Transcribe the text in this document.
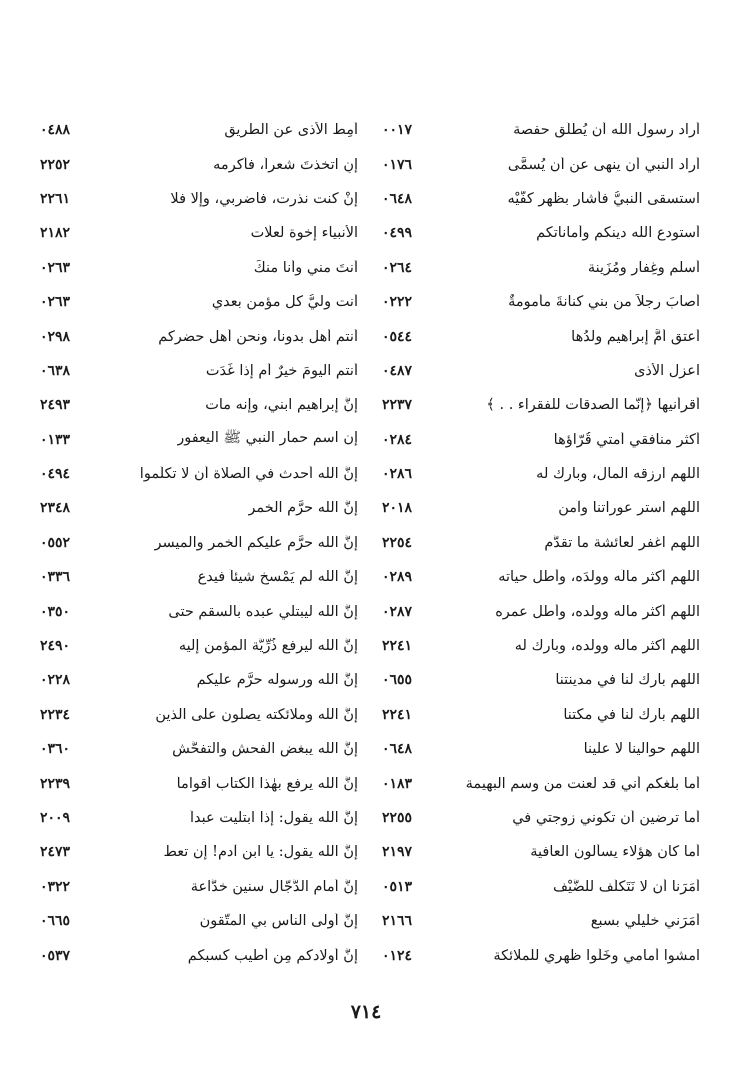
أراد رسول الله أن يُطلِّق حفصة
٠٠١٧
أراد النبي أن ينهى عن أن يُسمَّى
٠١٧٦
استسقى النبيُّ فأشار بظهر كفَّيْه
٠٦٤٨
أستودع الله دينكم وأماناتكم
٠٤٩٩
أسلم وغِفار ومُزَينة
٠٢٦٤
أصابَ رجلاً من بني كنانةَ مأمومةٌ
٠٢٢٢
أعتق أمَّ إبراهيم ولدُها
٠٥٤٤
اعزل الأذى
٠٤٨٧
أقرأنيها ﴿إنَّما الصدقات للفقراء . . ﴾
٢٢٣٧
أكثر منافقي أمتي قُرّاؤها
٠٢٨٤
اللهم ارزقه المال، وبارك له
٠٢٨٦
اللهم استر عوراتنا وآمن
٢٠١٨
اللهم اغفر لعائشة ما تقدَّم
٢٢٥٤
اللهم أكثر مالَه وولدَه، وأطل حياته
٠٢٨٩
اللهم أكثر ماله وولده، وأطل عمره
٠٢٨٧
اللهم أكثر ماله وولده، وبارك له
٢٢٤١
اللهم بارك لنا في مدينتنا
٠٦٥٥
اللهم بارك لنا في مكتنا
٢٢٤١
اللهم حوالينا لا علينا
٠٦٤٨
أما بلغكم أني قد لعنت من وسم البهيمة
٠١٨٣
أما ترضين أن تكوني زوجتي في
٢٢٥٥
أما كان هؤلاء يسألون العافية
٢١٩٧
أمَرَنا أن لا نَتَكلَّف للضَّيْف
٠٥١٣
أمَرَني خليلي بسبع
٢١٦٦
امشوا أمامي وخَلُّوا ظهري للملائكة
٠١٢٤
أمِط الأذى عن الطريق
٠٤٨٨
إنِ اتخذتَ شعراً، فأكرمه
٢٢٥٢
إنْ كنت نذرت، فاضربي، وإلا فلا
٢٢٦١
الأنبياء إخوة لعلّات
٢١٨٢
أنتَ مني وأنا منكَ
٠٢٦٣
أنت وليُّ كل مؤمن بعدي
٠٢٦٣
أنتم أهل بدونا، ونحن أهل حضركم
٠٢٩٨
أنتم اليومَ خيرٌ أم إذا غَدَت
٠٦٣٨
إنَّ إبراهيم ابني، وإنه مات
٢٤٩٣
إن اسم حمار النبي ﷺ اليعفور
٠١٣٣
إنَّ الله أحدث في الصلاة أن لا تكلَّموا
٠٤٩٤
إنَّ الله حرَّم الخمر
٢٣٤٨
إنَّ الله حرَّم عليكم الخمر والميسر
٠٥٥٢
إنَّ الله لم يَمْسخ شيئاً فيدع
٠٣٣٦
إنَّ الله ليبتلي عبده بالسقم حتى
٠٣٥٠
إنَّ الله ليرفع ذُرِّيَّة المؤمن إليه
٢٤٩٠
إنَّ الله ورسوله حرَّم عليكم
٠٢٢٨
إنَّ الله وملائكته يصلون على الذين
٢٢٣٤
إنَّ الله يبغض الفحش والتفحُّش
٠٣٦٠
إنَّ الله يرفع بهٰذا الكتاب أقواماً
٢٢٣٩
إنَّ الله يقول: إذا ابتليت عبداً
٢٠٠٩
إنَّ الله يقول: يا ابن آدم! إن تعط
٢٤٧٣
إنَّ أمام الدَّجّال سنين خدَّاعة
٠٣٢٢
إنَّ أولى الناس بي المتَّقون
٠٦٦٥
إنَّ أولادكم مِن أطيب كسبكم
٠٥٣٧
٧١٤
